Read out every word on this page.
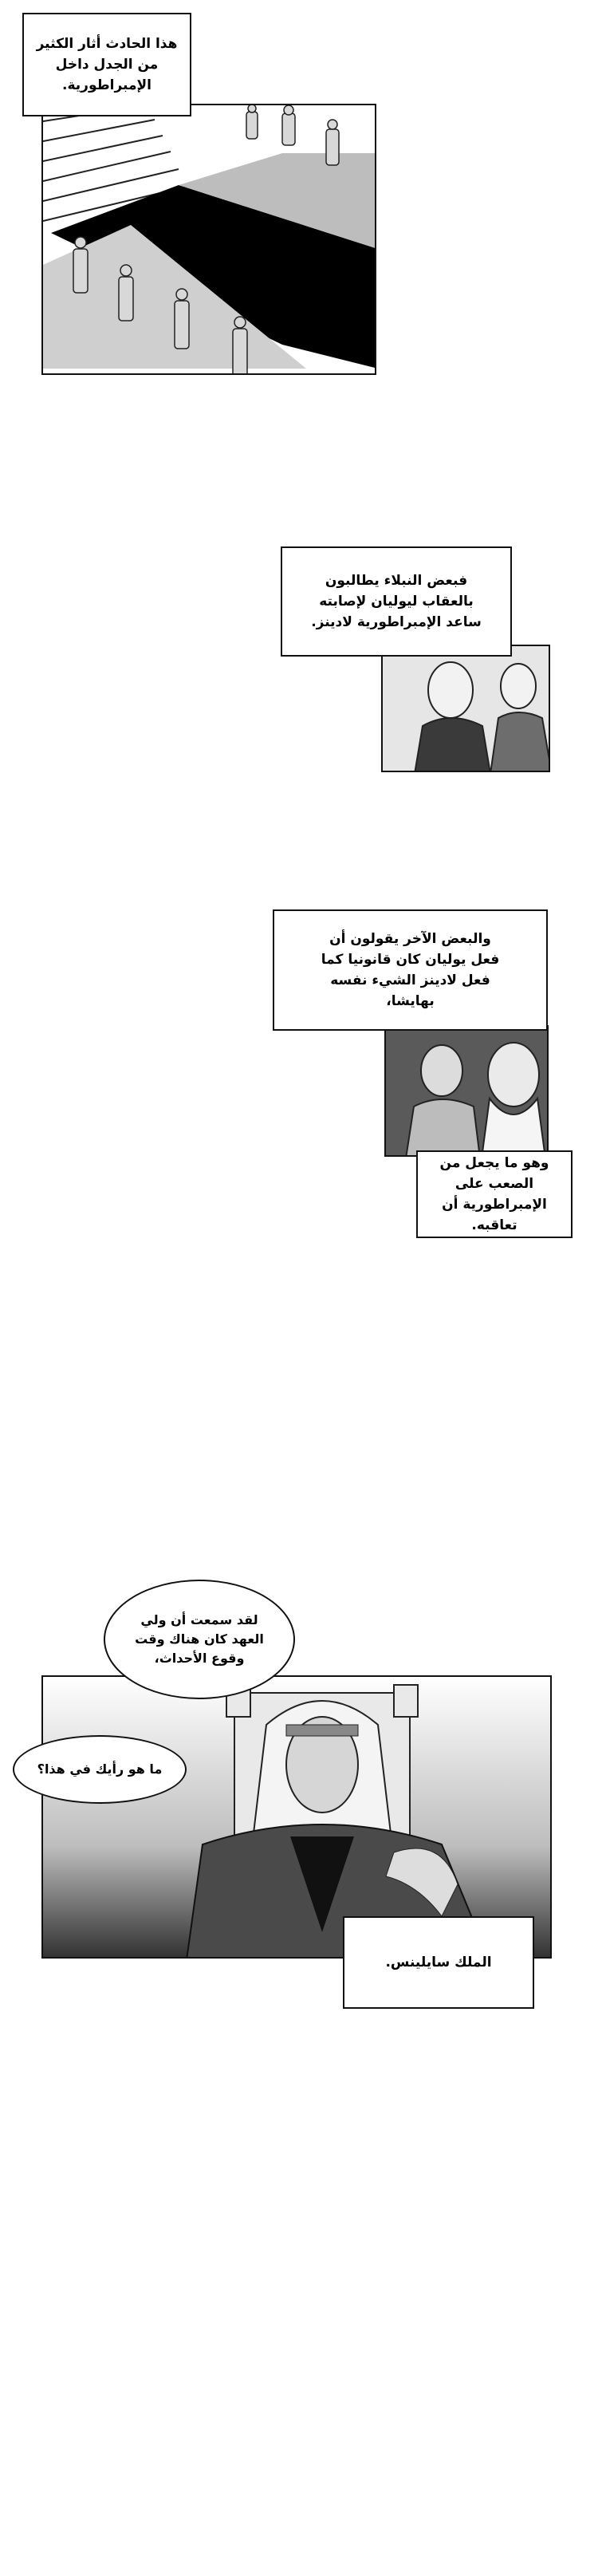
هذا الحادث أثار الكثير
من الجدل داخل
الإمبراطورية.
فبعض النبلاء يطالبون
بالعقاب ليوليان لإصابته
ساعد الإمبراطورية لادينز.
والبعض الآخر يقولون أن
فعل يوليان كان قانونيا كما
فعل لادينز الشيء نفسه
بهايشا،
وهو ما يجعل من
الصعب على
الإمبراطورية أن تعاقبه.
لقد سمعت أن ولي
العهد كان هناك وقت
وقوع الأحداث،
ما هو رأيك في هذا؟
الملك سايلينس.
